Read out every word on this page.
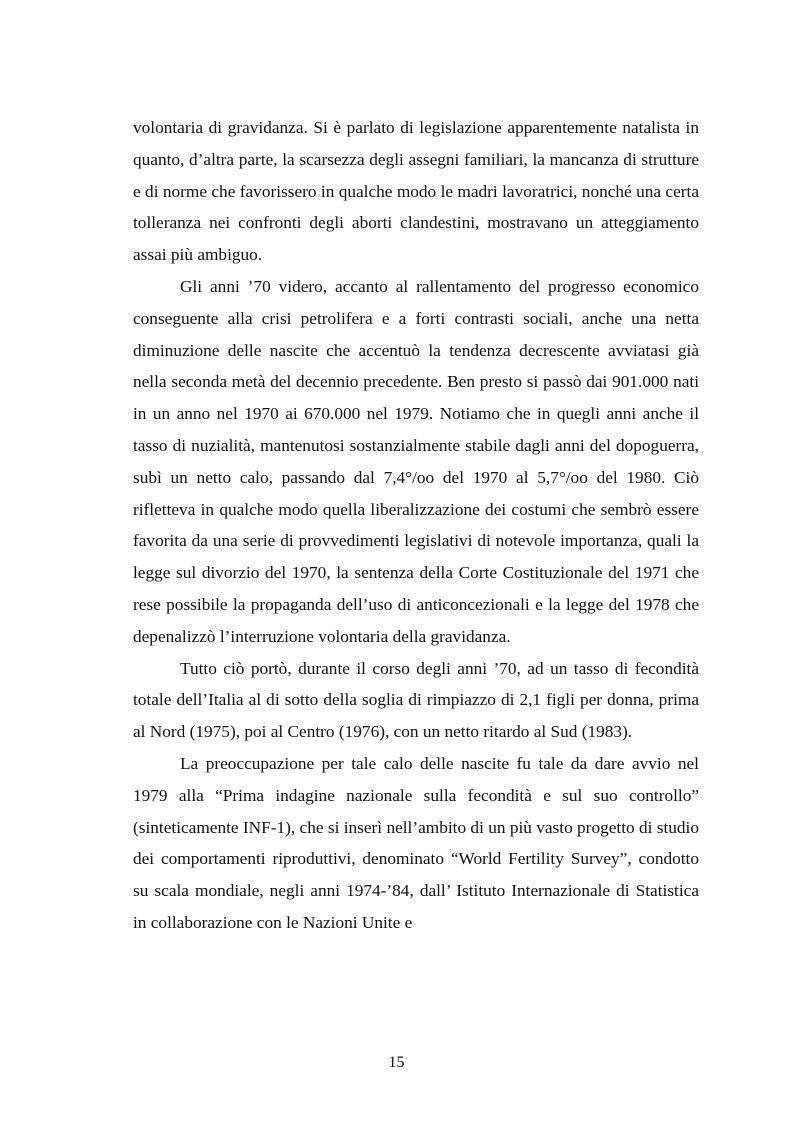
volontaria di gravidanza. Si è parlato di legislazione apparentemente natalista in quanto, d’altra parte, la scarsezza degli assegni familiari, la mancanza di strutture e di norme che favorissero in qualche modo le madri lavoratrici, nonché una certa tolleranza nei confronti degli aborti clandestini, mostravano un atteggiamento assai più ambiguo.

Gli anni ’70 videro, accanto al rallentamento del progresso economico conseguente alla crisi petrolifera e a forti contrasti sociali, anche una netta diminuzione delle nascite che accentuò la tendenza decrescente avviatasi già nella seconda metà del decennio precedente. Ben presto si passò dai 901.000 nati in un anno nel 1970 ai 670.000 nel 1979. Notiamo che in quegli anni anche il tasso di nuzialità, mantenutosi sostanzialmente stabile dagli anni del dopoguerra, subì un netto calo, passando dal 7,4°/oo del 1970 al 5,7°/oo del 1980. Ciò rifletteva in qualche modo quella liberalizzazione dei costumi che sembrò essere favorita da una serie di provvedimenti legislativi di notevole importanza, quali la legge sul divorzio del 1970, la sentenza della Corte Costituzionale del 1971 che rese possibile la propaganda dell’uso di anticoncezionali e la legge del 1978 che depenalizzò l’interruzione volontaria della gravidanza.

Tutto ciò portò, durante il corso degli anni ’70, ad un tasso di fecondità totale dell’Italia al di sotto della soglia di rimpiazzo di 2,1 figli per donna, prima al Nord (1975), poi al Centro (1976), con un netto ritardo al Sud (1983).

La preoccupazione per tale calo delle nascite fu tale da dare avvio nel 1979 alla “Prima indagine nazionale sulla fecondità e sul suo controllo” (sinteticamente INF-1), che si inserì nell’ambito di un più vasto progetto di studio dei comportamenti riproduttivi, denominato “World Fertility Survey”, condotto su scala mondiale, negli anni 1974-’84, dall’ Istituto Internazionale di Statistica in collaborazione con le Nazioni Unite e

15
